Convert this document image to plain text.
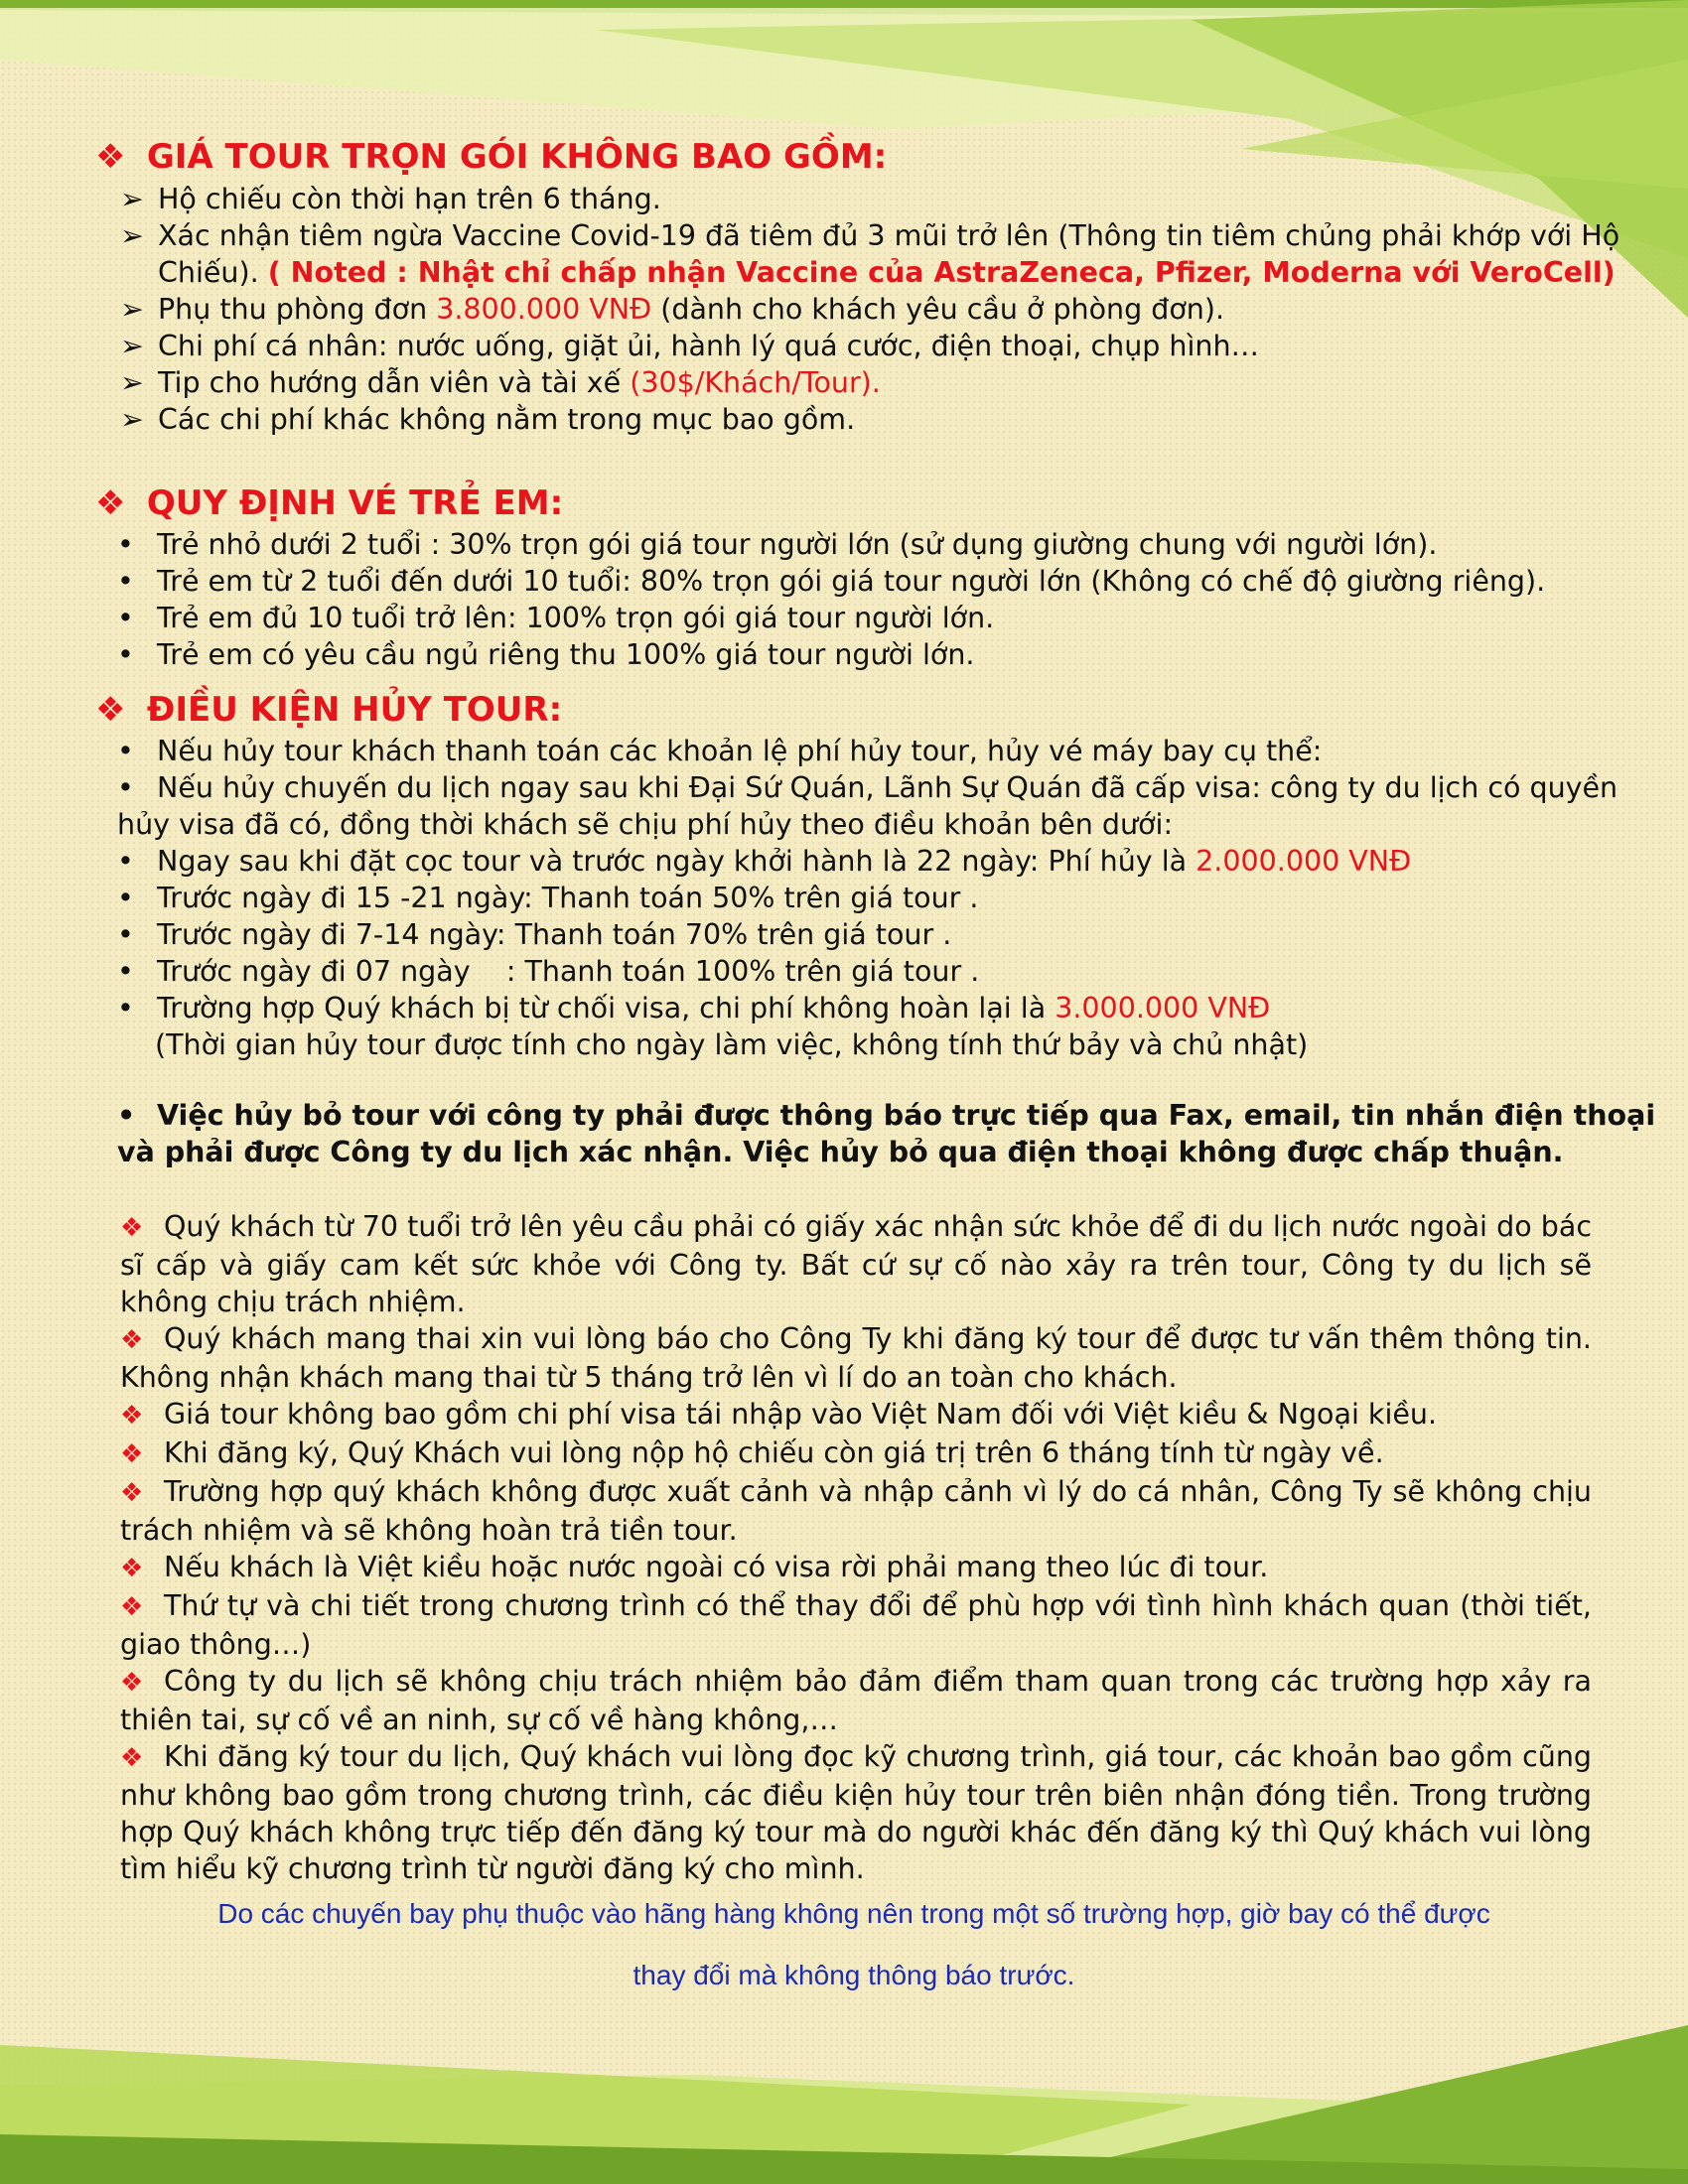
❖ GIÁ TOUR TRỌN GÓI KHÔNG BAO GỒM:
➢ Hộ chiếu còn thời hạn trên 6 tháng.
➢ Xác nhận tiêm ngừa Vaccine Covid-19 đã tiêm đủ 3 mũi trở lên (Thông tin tiêm chủng phải khớp với Hộ
Chiếu). ( Noted : Nhật chỉ chấp nhận Vaccine của AstraZeneca, Pfizer, Moderna với VeroCell)
➢ Phụ thu phòng đơn 3.800.000 VNĐ (dành cho khách yêu cầu ở phòng đơn).
➢ Chi phí cá nhân: nước uống, giặt ủi, hành lý quá cước, điện thoại, chụp hình…
➢ Tip cho hướng dẫn viên và tài xế (30$/Khách/Tour).
➢ Các chi phí khác không nằm trong mục bao gồm.
❖ QUY ĐỊNH VÉ TRẺ EM:
• Trẻ nhỏ dưới 2 tuổi : 30% trọn gói giá tour người lớn (sử dụng giường chung với người lớn).
• Trẻ em từ 2 tuổi đến dưới 10 tuổi: 80% trọn gói giá tour người lớn (Không có chế độ giường riêng).
• Trẻ em đủ 10 tuổi trở lên: 100% trọn gói giá tour người lớn.
• Trẻ em có yêu cầu ngủ riêng thu 100% giá tour người lớn.
❖ ĐIỀU KIỆN HỦY TOUR:
• Nếu hủy tour khách thanh toán các khoản lệ phí hủy tour, hủy vé máy bay cụ thể:
• Nếu hủy chuyến du lịch ngay sau khi Đại Sứ Quán, Lãnh Sự Quán đã cấp visa: công ty du lịch có quyền
hủy visa đã có, đồng thời khách sẽ chịu phí hủy theo điều khoản bên dưới:
• Ngay sau khi đặt cọc tour và trước ngày khởi hành là 22 ngày: Phí hủy là 2.000.000 VNĐ
• Trước ngày đi 15 -21 ngày: Thanh toán 50% trên giá tour .
• Trước ngày đi 7-14 ngày: Thanh toán 70% trên giá tour .
• Trước ngày đi 07 ngày    : Thanh toán 100% trên giá tour .
• Trường hợp Quý khách bị từ chối visa, chi phí không hoàn lại là 3.000.000 VNĐ
(Thời gian hủy tour được tính cho ngày làm việc, không tính thứ bảy và chủ nhật)
• Việc hủy bỏ tour với công ty phải được thông báo trực tiếp qua Fax, email, tin nhắn điện thoại
và phải được Công ty du lịch xác nhận. Việc hủy bỏ qua điện thoại không được chấp thuận.

❖ Quý khách từ 70 tuổi trở lên yêu cầu phải có giấy xác nhận sức khỏe để đi du lịch nước ngoài do bác sĩ cấp và giấy cam kết sức khỏe với Công ty. Bất cứ sự cố nào xảy ra trên tour, Công ty du lịch sẽ không chịu trách nhiệm.

❖ Quý khách mang thai xin vui lòng báo cho Công Ty khi đăng ký tour để được tư vấn thêm thông tin. Không nhận khách mang thai từ 5 tháng trở lên vì lí do an toàn cho khách.

❖ Giá tour không bao gồm chi phí visa tái nhập vào Việt Nam đối với Việt kiều & Ngoại kiều.

❖ Khi đăng ký, Quý Khách vui lòng nộp hộ chiếu còn giá trị trên 6 tháng tính từ ngày về.

❖ Trường hợp quý khách không được xuất cảnh và nhập cảnh vì lý do cá nhân, Công Ty sẽ không chịu trách nhiệm và sẽ không hoàn trả tiền tour.

❖ Nếu khách là Việt kiều hoặc nước ngoài có visa rời phải mang theo lúc đi tour.

❖ Thứ tự và chi tiết trong chương trình có thể thay đổi để phù hợp với tình hình khách quan (thời tiết, giao thông…)

❖ Công ty du lịch sẽ không chịu trách nhiệm bảo đảm điểm tham quan trong các trường hợp xảy ra thiên tai, sự cố về an ninh, sự cố về hàng không,…

❖ Khi đăng ký tour du lịch, Quý khách vui lòng đọc kỹ chương trình, giá tour, các khoản bao gồm cũng như không bao gồm trong chương trình, các điều kiện hủy tour trên biên nhận đóng tiền. Trong trường hợp Quý khách không trực tiếp đến đăng ký tour mà do người khác đến đăng ký thì Quý khách vui lòng tìm hiểu kỹ chương trình từ người đăng ký cho mình.

Do các chuyến bay phụ thuộc vào hãng hàng không nên trong một số trường hợp, giờ bay có thể được

thay đổi mà không thông báo trước.
